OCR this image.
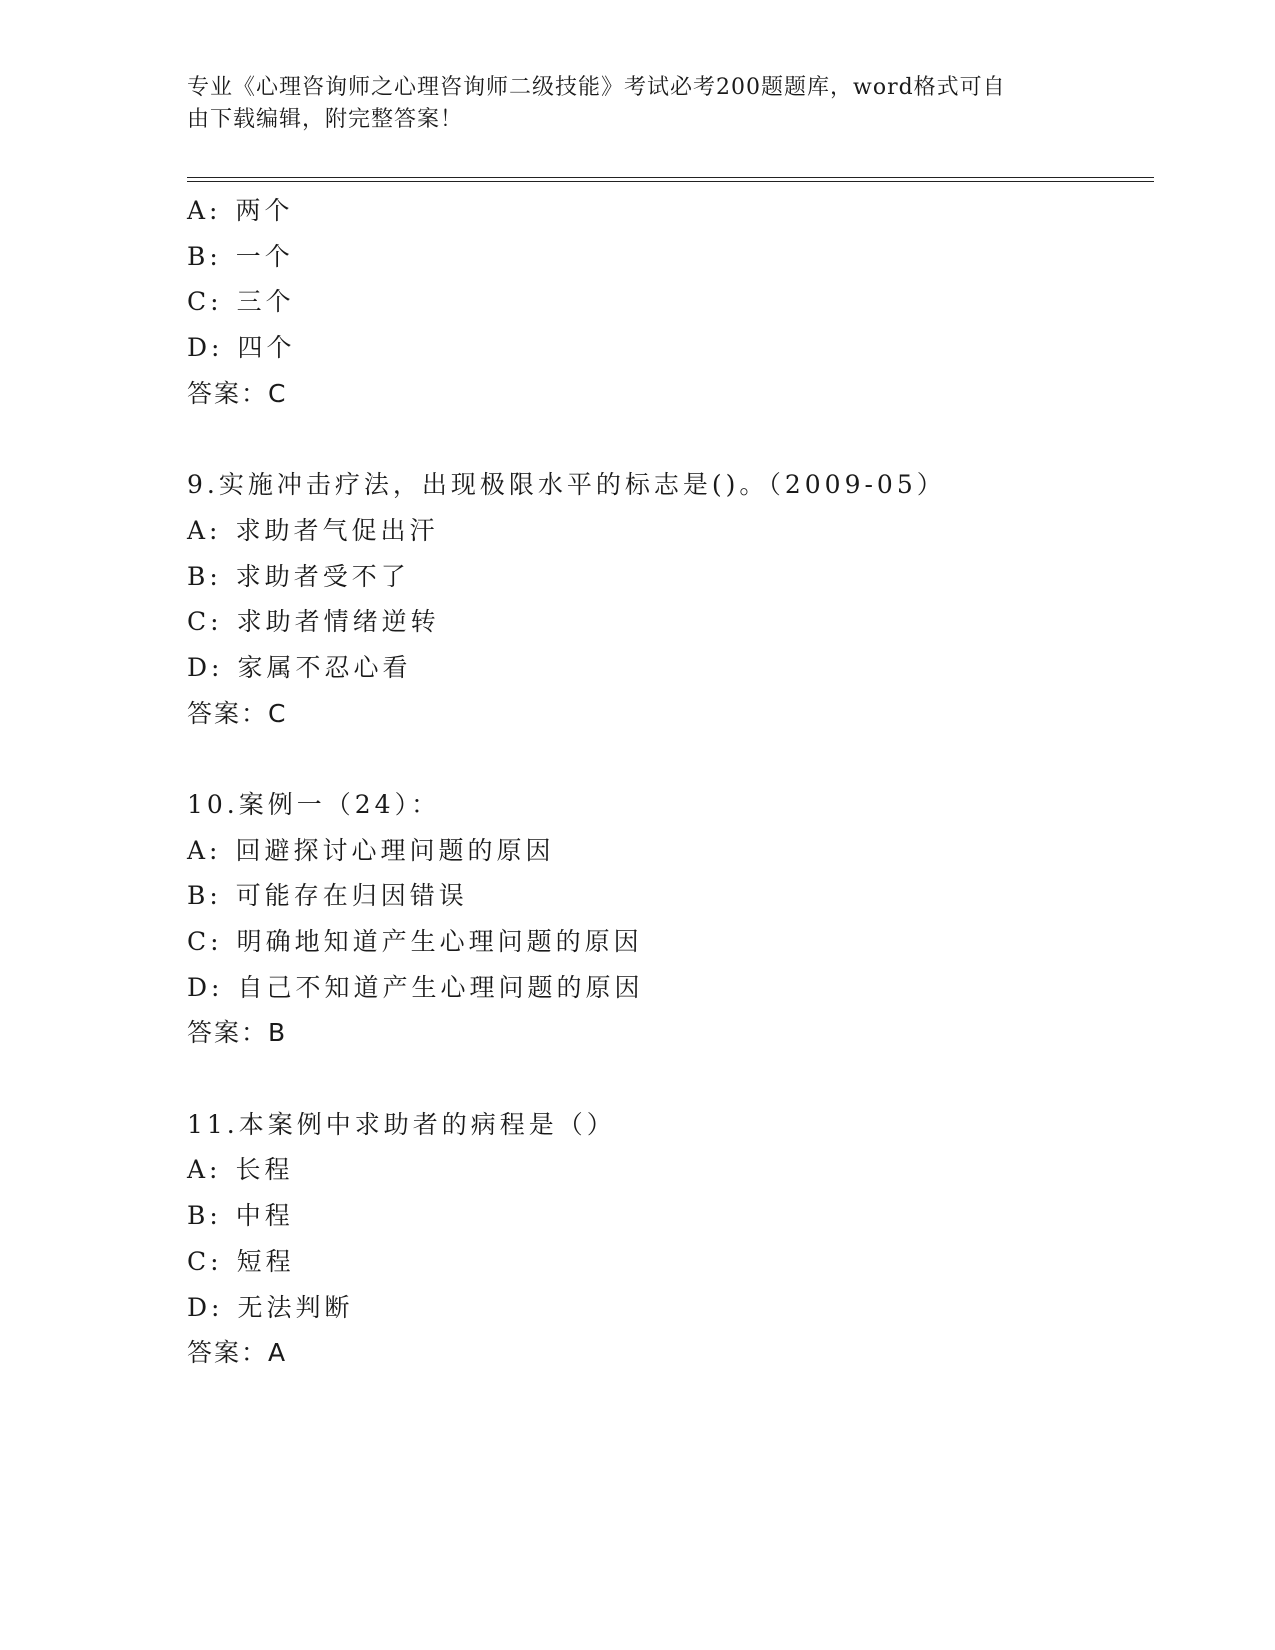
专业《心理咨询师之心理咨询师二级技能》考试必考200题题库，word格式可自
由下载编辑，附完整答案！
A: 两个
B: 一个
C: 三个
D: 四个
答案：C
9.实施冲击疗法，出现极限水平的标志是()。（2009-05）
A: 求助者气促出汗
B: 求助者受不了
C: 求助者情绪逆转
D: 家属不忍心看
答案：C
10.案例一（24）：
A: 回避探讨心理问题的原因
B: 可能存在归因错误
C: 明确地知道产生心理问题的原因
D: 自己不知道产生心理问题的原因
答案：B
11.本案例中求助者的病程是（）
A: 长程
B: 中程
C: 短程
D: 无法判断
答案：A
